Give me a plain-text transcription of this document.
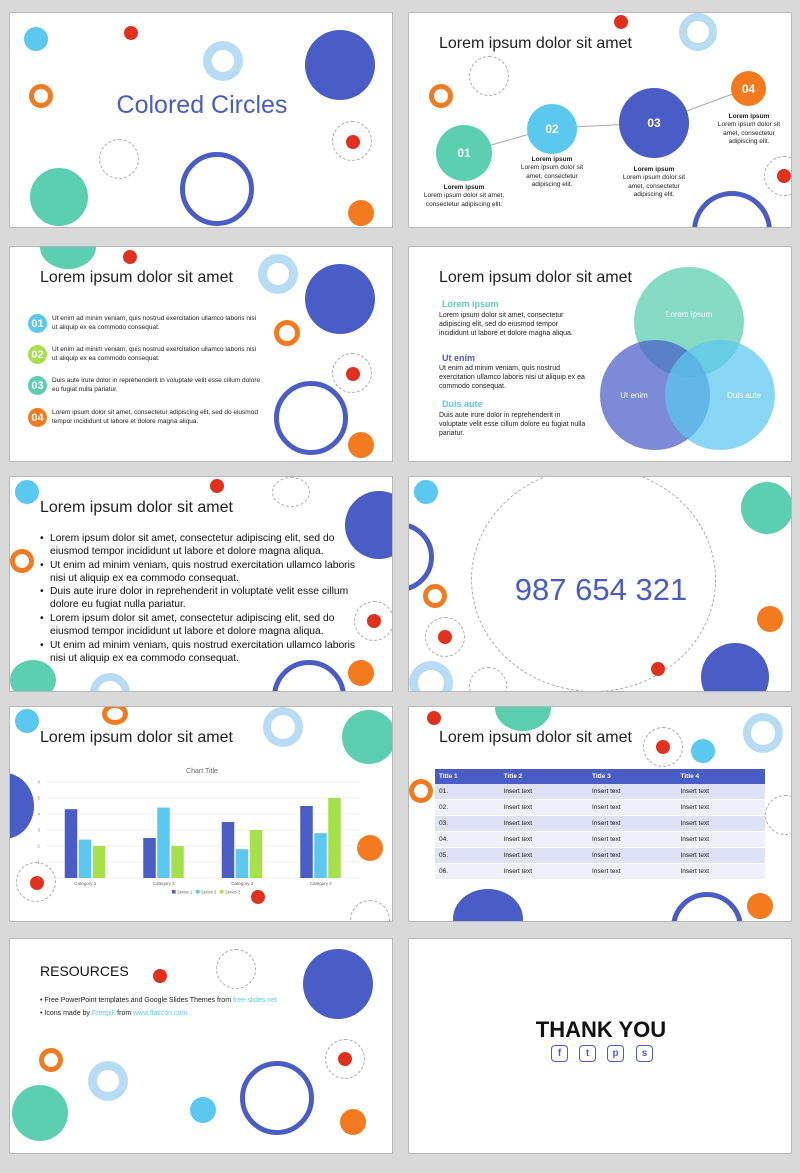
Colored Circles
Lorem ipsum dolor sit amet
01
02	03
04
Lorem ipsum
Lorem ipsum dolor sit amet, consectetur adipiscing elit.
Lorem ipsum
Lorem ipsum dolor sit amet, consectetur adipiscing elit.
Lorem ipsum
Lorem ipsum dolor sit amet, consectetur adipiscing elit.
Lorem ipsum
Lorem ipsum dolor sit amet, consectetur adipiscing elit.
Lorem ipsum dolor sit amet
01	Ut enim ad minim veniam, quis nostrud exercitation ullamco laboris nisi ut aliquip ex ea commodo consequat.
02	Ut enim ad minim veniam, quis nostrud exercitation ullamco laboris nisi ut aliquip ex ea commodo consequat.
03	Duis aute irure dolor in reprehenderit in voluptate velit esse cillum dolore eu fugiat nulla pariatur.
04	Lorem ipsum dolor sit amet, consectetur adipiscing elit, sed do eiusmod tempor incididunt ut labore et dolore magna aliqua.
Lorem ipsum dolor sit amet
Lorem ipsum
Lorem ipsum dolor sit amet, consectetur adipiscing elit, sed do eiusmod tempor incididunt ut labore et dolore magna aliqua.
Ut enim
Ut enim ad minim veniam, quis nostrud exercitation ullamco laboris nisi ut aliquip ex ea commodo consequat.
Duis aute
Duis aute irure dolor in reprehenderit in voluptate velit esse cillum dolore eu fugiat nulla pariatur.
Lorem ipsum
Ut enim	Duis aute
Lorem ipsum dolor sit amet
• Lorem ipsum dolor sit amet, consectetur adipiscing elit, sed do eiusmod tempor incididunt ut labore et dolore magna aliqua.
• Ut enim ad minim veniam, quis nostrud exercitation ullamco laboris nisi ut aliquip ex ea commodo consequat.
• Duis aute irure dolor in reprehenderit in voluptate velit esse cillum dolore eu fugiat nulla pariatur.
• Lorem ipsum dolor sit amet, consectetur adipiscing elit, sed do eiusmod tempor incididunt ut labore et dolore magna aliqua.
• Ut enim ad minim veniam, quis nostrud exercitation ullamco laboris nisi ut aliquip ex ea commodo consequat.
987 654 321
Lorem ipsum dolor sit amet
Chart Title
0
1
2
3
4
5
6
Category 1	Category 2	Category 3	Category 4
Series 1 Series 2 Series 3
Lorem ipsum dolor sit amet
Title 1	Title 2	Title 3	Title 4
01.	Insert text	Insert text	Insert text
02.	Insert text	Insert text	Insert text
03.	Insert text	Insert text	Insert text
04.	Insert text	Insert text	Insert text
05.	Insert text	Insert text	Insert text
06.	Insert text	Insert text	Insert text
RESOURCES
• Free PowerPoint templates and Google Slides Themes from free-slides.net
• Icons made by Freepik from www.flaticon.com
THANK YOU
f	t	p	s
